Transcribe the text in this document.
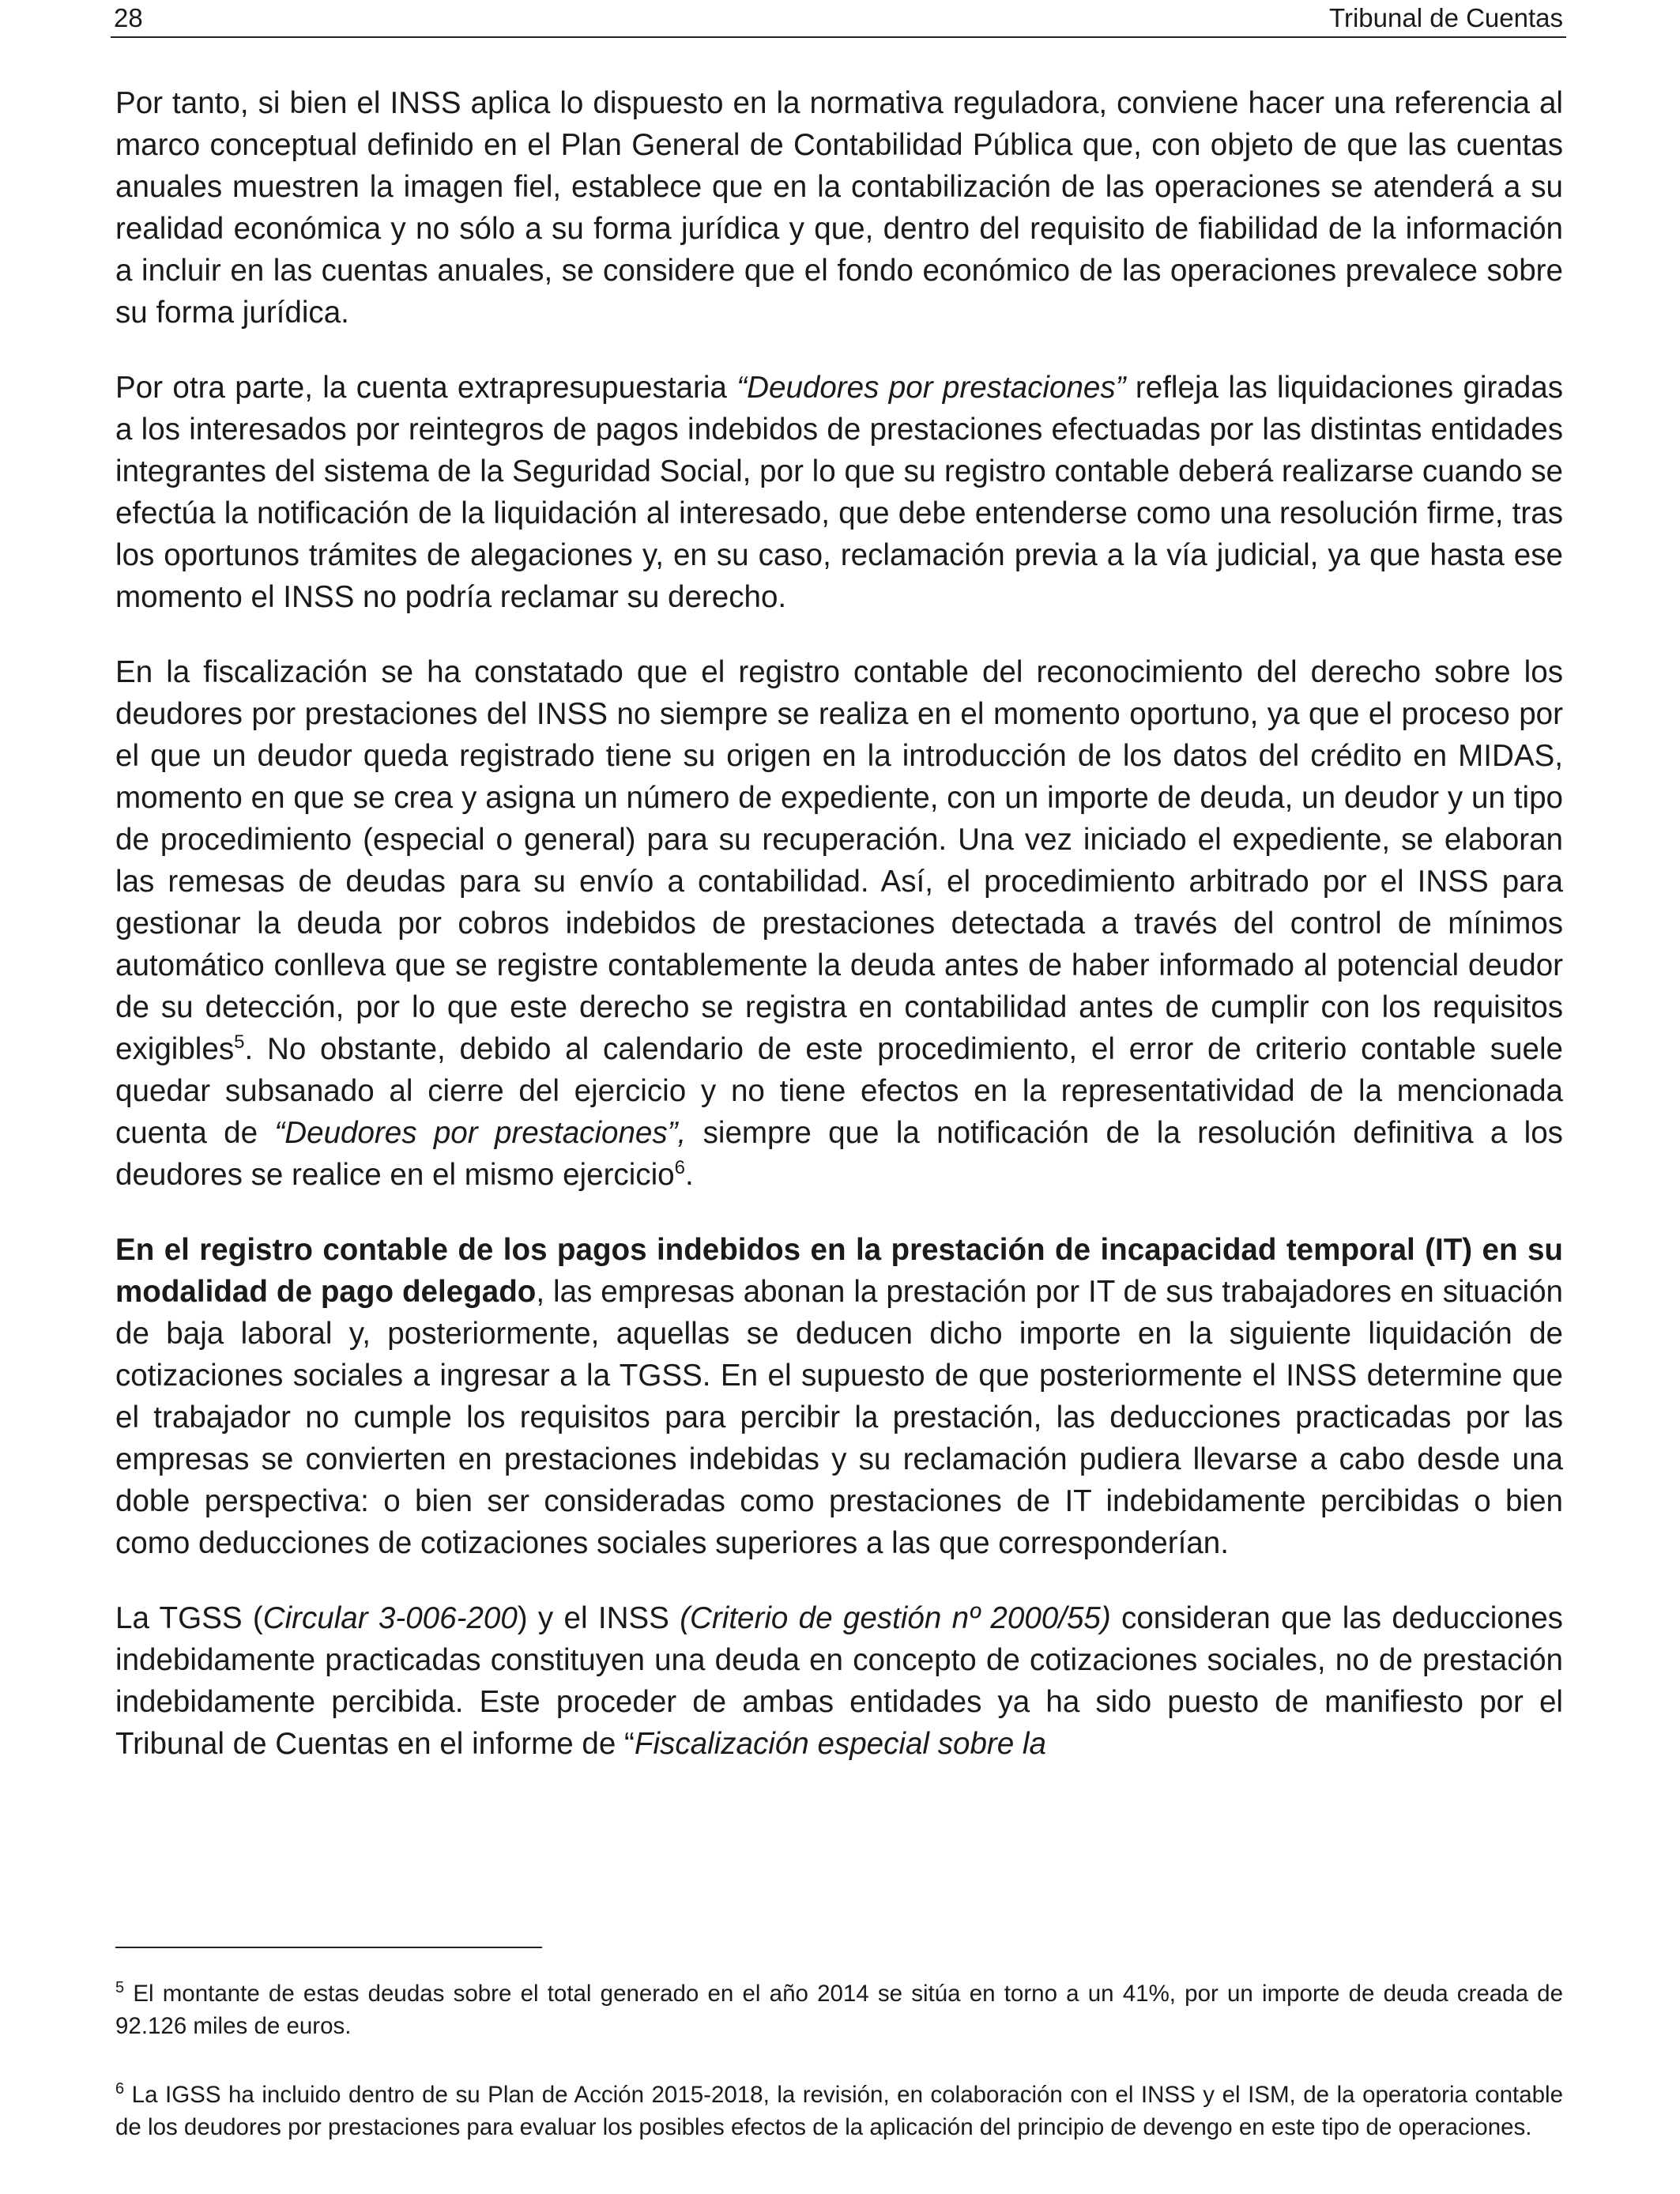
28	Tribunal de Cuentas

Por tanto, si bien el INSS aplica lo dispuesto en la normativa reguladora, conviene hacer una referencia al marco conceptual definido en el Plan General de Contabilidad Pública que, con objeto de que las cuentas anuales muestren la imagen fiel, establece que en la contabilización de las operaciones se atenderá a su realidad económica y no sólo a su forma jurídica y que, dentro del requisito de fiabilidad de la información a incluir en las cuentas anuales, se considere que el fondo económico de las operaciones prevalece sobre su forma jurídica.

Por otra parte, la cuenta extrapresupuestaria “Deudores por prestaciones” refleja las liquidaciones giradas a los interesados por reintegros de pagos indebidos de prestaciones efectuadas por las distintas entidades integrantes del sistema de la Seguridad Social, por lo que su registro contable deberá realizarse cuando se efectúa la notificación de la liquidación al interesado, que debe entenderse como una resolución firme, tras los oportunos trámites de alegaciones y, en su caso, reclamación previa a la vía judicial, ya que hasta ese momento el INSS no podría reclamar su derecho.

En la fiscalización se ha constatado que el registro contable del reconocimiento del derecho sobre los deudores por prestaciones del INSS no siempre se realiza en el momento oportuno, ya que el proceso por el que un deudor queda registrado tiene su origen en la introducción de los datos del crédito en MIDAS, momento en que se crea y asigna un número de expediente, con un importe de deuda, un deudor y un tipo de procedimiento (especial o general) para su recuperación. Una vez iniciado el expediente, se elaboran las remesas de deudas para su envío a contabilidad. Así, el procedimiento arbitrado por el INSS para gestionar la deuda por cobros indebidos de prestaciones detectada a través del control de mínimos automático conlleva que se registre contablemente la deuda antes de haber informado al potencial deudor de su detección, por lo que este derecho se registra en contabilidad antes de cumplir con los requisitos exigibles$^5$. No obstante, debido al calendario de este procedimiento, el error de criterio contable suele quedar subsanado al cierre del ejercicio y no tiene efectos en la representatividad de la mencionada cuenta de “Deudores por prestaciones”, siempre que la notificación de la resolución definitiva a los deudores se realice en el mismo ejercicio$^6$.

En el registro contable de los pagos indebidos en la prestación de incapacidad temporal (IT) en su modalidad de pago delegado, las empresas abonan la prestación por IT de sus trabajadores en situación de baja laboral y, posteriormente, aquellas se deducen dicho importe en la siguiente liquidación de cotizaciones sociales a ingresar a la TGSS. En el supuesto de que posteriormente el INSS determine que el trabajador no cumple los requisitos para percibir la prestación, las deducciones practicadas por las empresas se convierten en prestaciones indebidas y su reclamación pudiera llevarse a cabo desde una doble perspectiva: o bien ser consideradas como prestaciones de IT indebidamente percibidas o bien como deducciones de cotizaciones sociales superiores a las que corresponderían.

La TGSS (Circular 3-006-200) y el INSS (Criterio de gestión nº 2000/55) consideran que las deducciones indebidamente practicadas constituyen una deuda en concepto de cotizaciones sociales, no de prestación indebidamente percibida. Este proceder de ambas entidades ya ha sido puesto de manifiesto por el Tribunal de Cuentas en el informe de “Fiscalización especial sobre la

$^5$ El montante de estas deudas sobre el total generado en el año 2014 se sitúa en torno a un 41%, por un importe de deuda creada de 92.126 miles de euros.

$^6$ La IGSS ha incluido dentro de su Plan de Acción 2015-2018, la revisión, en colaboración con el INSS y el ISM, de la operatoria contable de los deudores por prestaciones para evaluar los posibles efectos de la aplicación del principio de devengo en este tipo de operaciones.
